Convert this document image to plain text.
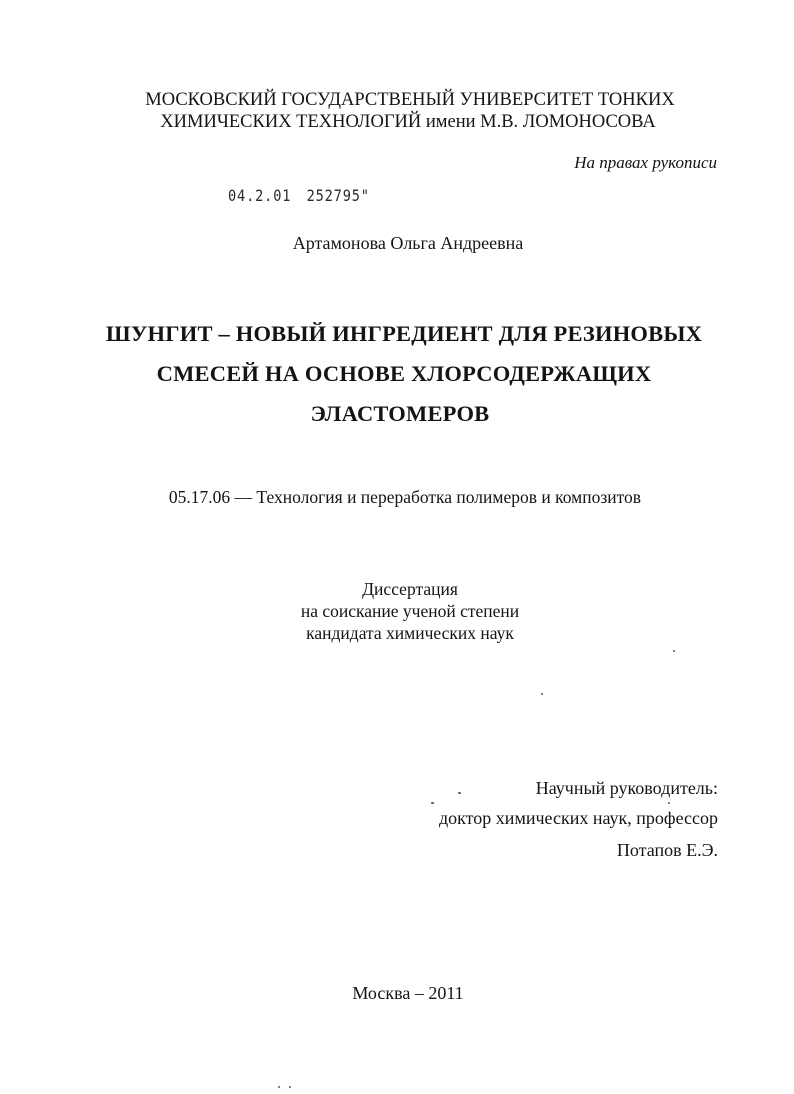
МОСКОВСКИЙ ГОСУДАРСТВЕНЫЙ УНИВЕРСИТЕТ ТОНКИХ
ХИМИЧЕСКИХ ТЕХНОЛОГИЙ имени М.В. ЛОМОНОСОВА
На правах рукописи
04.2.01 252795"
Артамонова Ольга Андреевна
ШУНГИТ – НОВЫЙ ИНГРЕДИЕНТ ДЛЯ РЕЗИНОВЫХ
СМЕСЕЙ НА ОСНОВЕ ХЛОРСОДЕРЖАЩИХ
ЭЛАСТОМЕРОВ
05.17.06 — Технология и переработка полимеров и композитов
Диссертация
на соискание ученой степени
кандидата химических наук
Научный руководитель:
доктор химических наук, профессор
Потапов Е.Э.
Москва – 2011
